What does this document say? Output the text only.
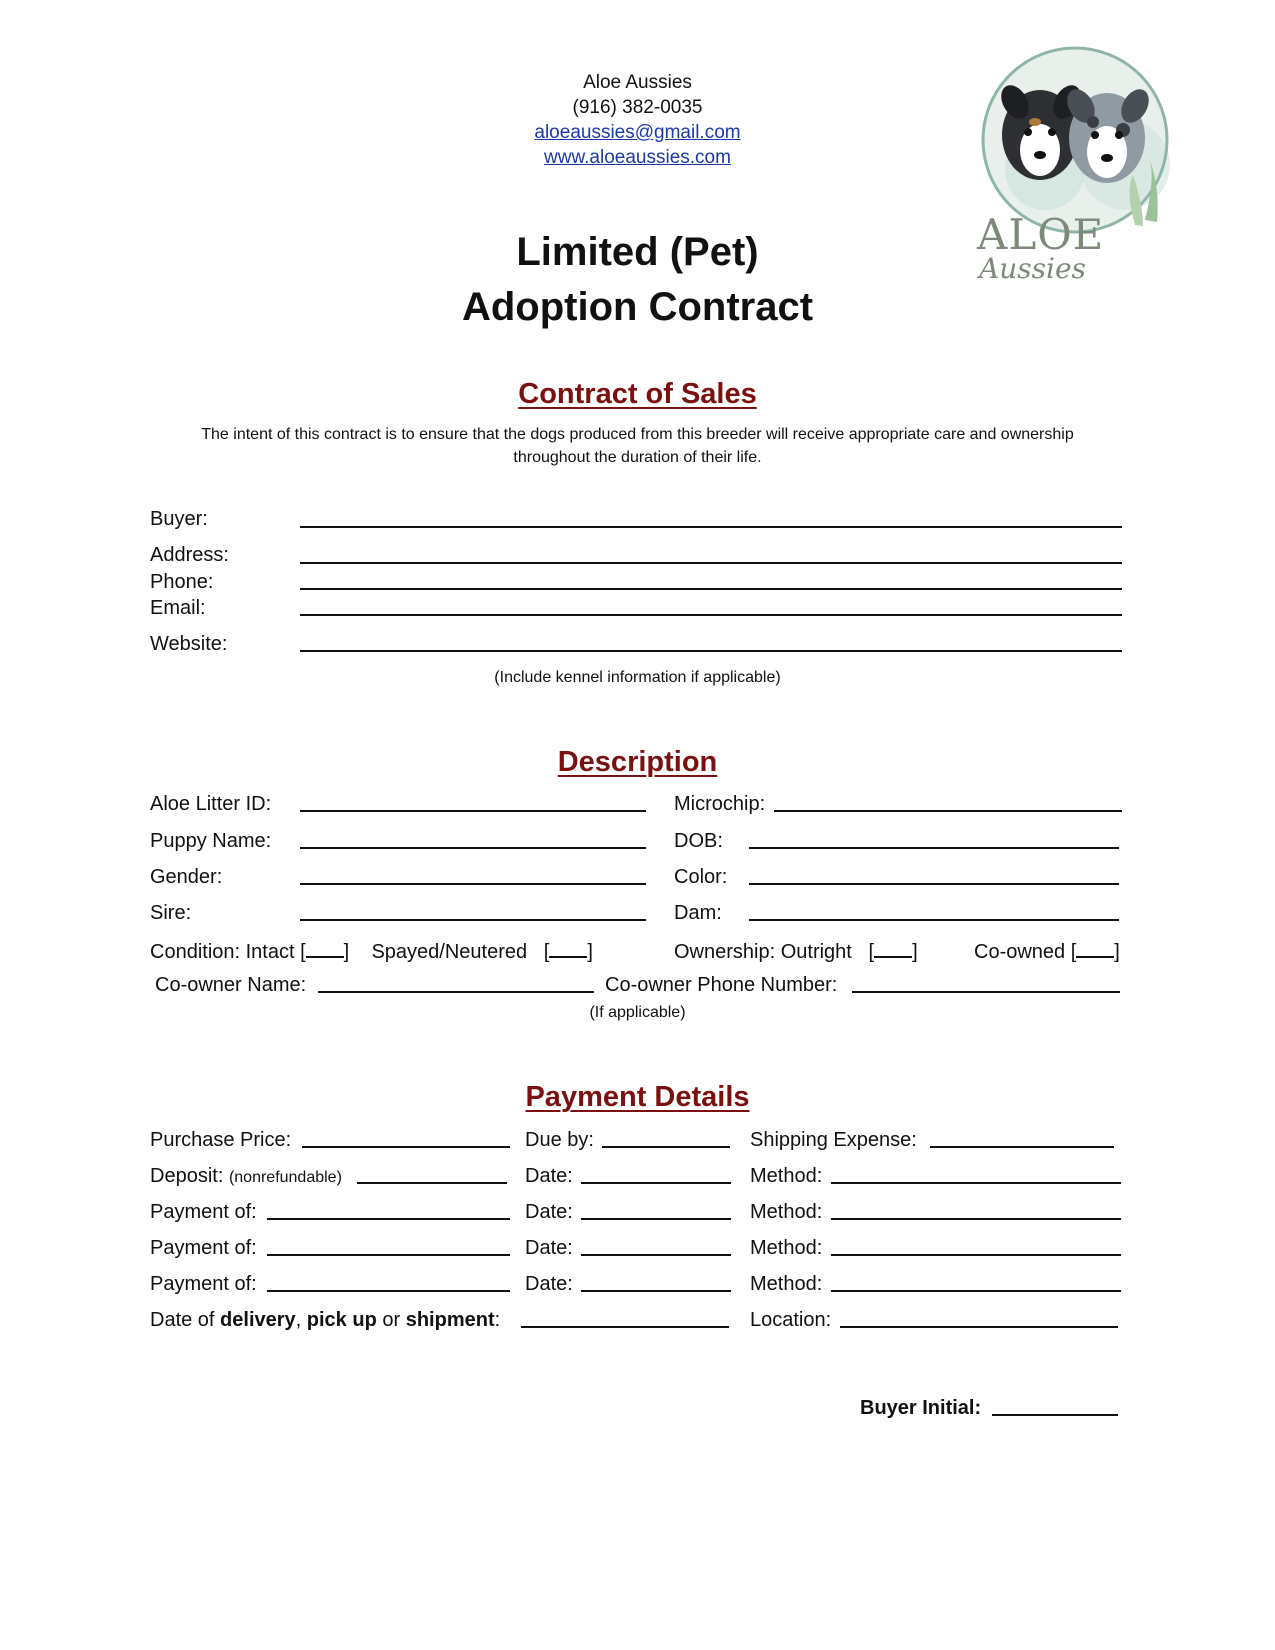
Aloe Aussies
(916) 382-0035
aloeaussies@gmail.com
www.aloeaussies.com
ALOE
Aussies
Limited (Pet)
Adoption Contract
Contract of Sales
The intent of this contract is to ensure that the dogs produced from this breeder will receive appropriate care and ownership
throughout the duration of their life.
Buyer:
Address:
Phone:
Email:
Website:
(Include kennel information if applicable)
Description
Aloe Litter ID:	Microchip:
Puppy Name:	DOB:
Gender:	Color:
Sire:	Dam:
Condition: Intact [ ] Spayed/Neutered [ ]	Ownership: Outright [ ]	Co-owned [ ]
Co-owner Name:	Co-owner Phone Number:
(If applicable)
Payment Details
Purchase Price:	Due by:	Shipping Expense:
Deposit: (nonrefundable)	Date:	Method:
Payment of:	Date:	Method:
Payment of:	Date:	Method:
Payment of:	Date:	Method:
Date of delivery, pick up or shipment:	Location:
Buyer Initial:
